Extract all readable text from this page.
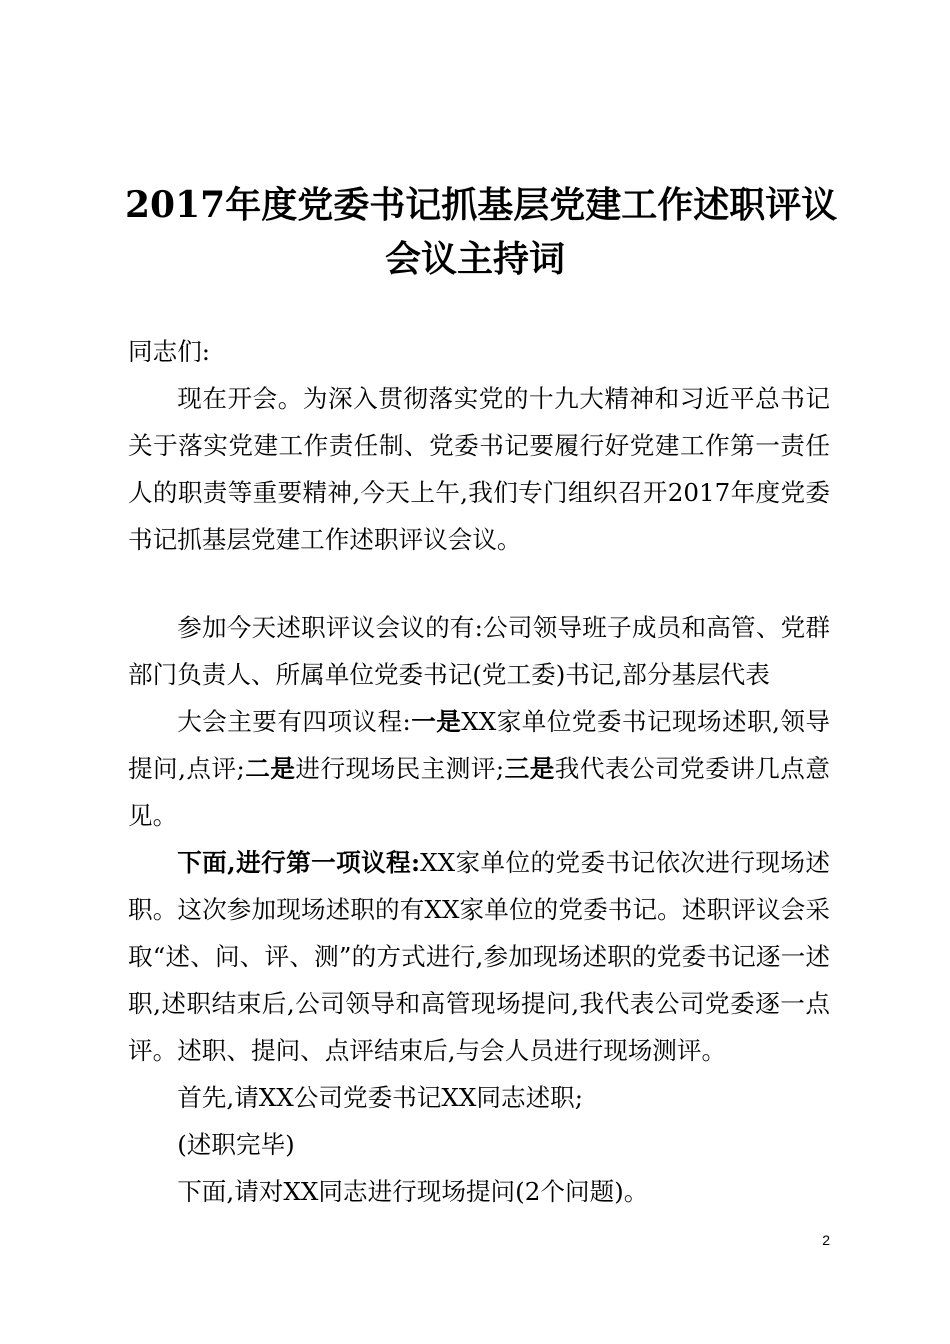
2017年度党委书记抓基层党建工作述职评议
会议主持词

同志们:

现在开会。为深入贯彻落实党的十九大精神和习近平总书记关于落实党建工作责任制、党委书记要履行好党建工作第一责任人的职责等重要精神,今天上午,我们专门组织召开2017年度党委书记抓基层党建工作述职评议会议。

参加今天述职评议会议的有:公司领导班子成员和高管、党群部门负责人、所属单位党委书记(党工委)书记,部分基层代表

大会主要有四项议程:一是XX家单位党委书记现场述职,领导提问,点评;二是进行现场民主测评;三是我代表公司党委讲几点意见。

下面,进行第一项议程:XX家单位的党委书记依次进行现场述职。这次参加现场述职的有XX家单位的党委书记。述职评议会采取“述、问、评、测”的方式进行,参加现场述职的党委书记逐一述职,述职结束后,公司领导和高管现场提问,我代表公司党委逐一点评。述职、提问、点评结束后,与会人员进行现场测评。

首先,请XX公司党委书记XX同志述职;

(述职完毕)

下面,请对XX同志进行现场提问(2个问题)。

2
